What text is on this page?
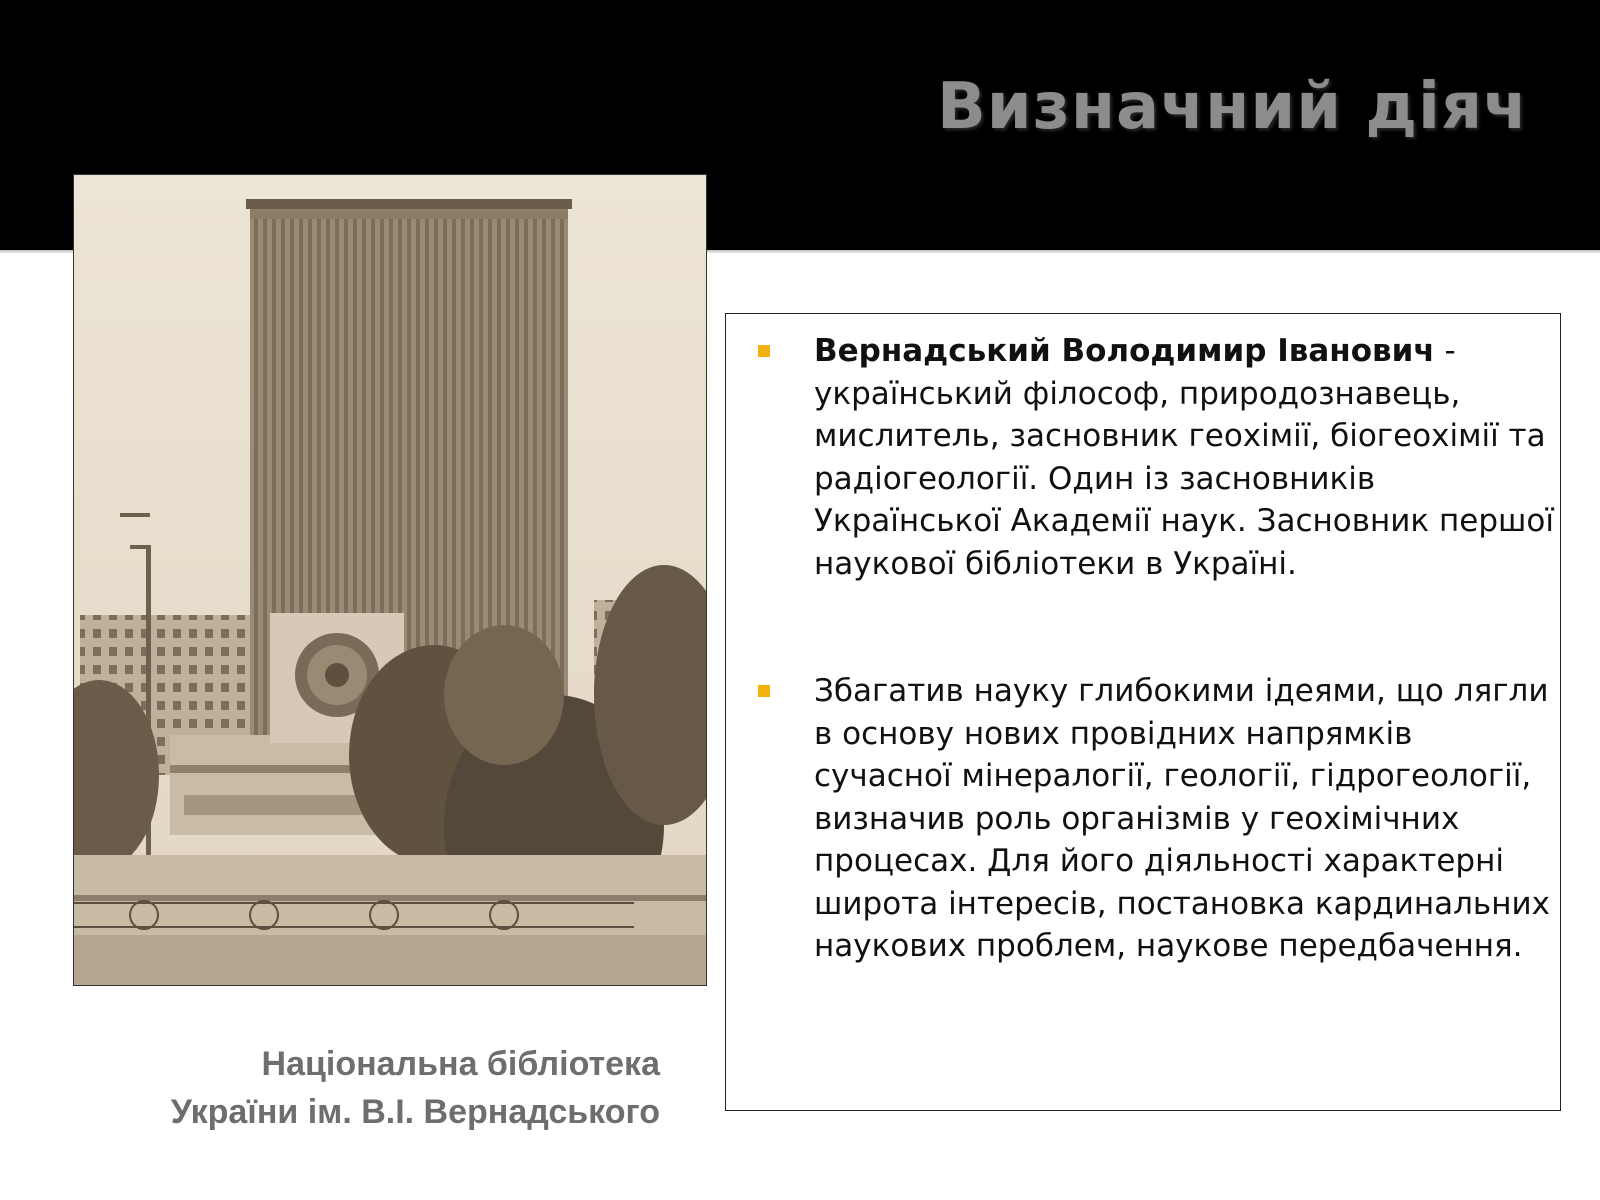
Визначний діяч
Національна бібліотека
України ім. В.І. Вернадського
Вернадський Володимир Іванович - український філософ, природознавець, мислитель, засновник геохімії, біогеохімії та радіогеології. Один із засновників Української Академії наук. Засновник першої наукової бібліотеки в Україні.
Збагатив науку глибокими ідеями, що лягли в основу нових провідних напрямків сучасної мінералогії, геології, гідрогеології, визначив роль організмів у геохімічних процесах. Для його діяльності характерні широта інтересів, постановка кардинальних наукових проблем, наукове передбачення.
